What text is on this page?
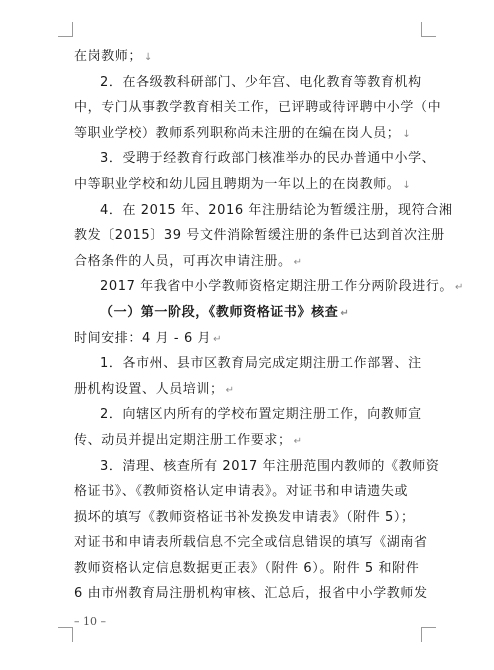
在岗教师； ↓
2．在各级教科研部门、少年宫、电化教育等教育机构
中，专门从事教学教育相关工作，已评聘或待评聘中小学（中
等职业学校）教师系列职称尚未注册的在编在岗人员； ↓
3．受聘于经教育行政部门核准举办的民办普通中小学、
中等职业学校和幼儿园且聘期为一年以上的在岗教师。 ↓
4．在 2015 年、2016 年注册结论为暂缓注册，现符合湘
教发〔2015〕39 号文件消除暂缓注册的条件已达到首次注册
合格条件的人员，可再次申请注册。 ↵
2017 年我省中小学教师资格定期注册工作分两阶段进行。 ↵
（一）第一阶段，《教师资格证书》核查 ↵
时间安排：4 月 - 6 月 ↵
1．各市州、县市区教育局完成定期注册工作部署、注
册机构设置、人员培训； ↵
2．向辖区内所有的学校布置定期注册工作，向教师宣
传、动员并提出定期注册工作要求； ↵
3．清理、核查所有 2017 年注册范围内教师的《教师资
格证书》、《教师资格认定申请表》。对证书和申请遗失或
损坏的填写《教师资格证书补发换发申请表》（附件 5）；
对证书和申请表所载信息不完全或信息错误的填写《湖南省
教师资格认定信息数据更正表》（附件 6）。附件 5 和附件
6 由市州教育局注册机构审核、汇总后，报省中小学教师发
– 10 –
